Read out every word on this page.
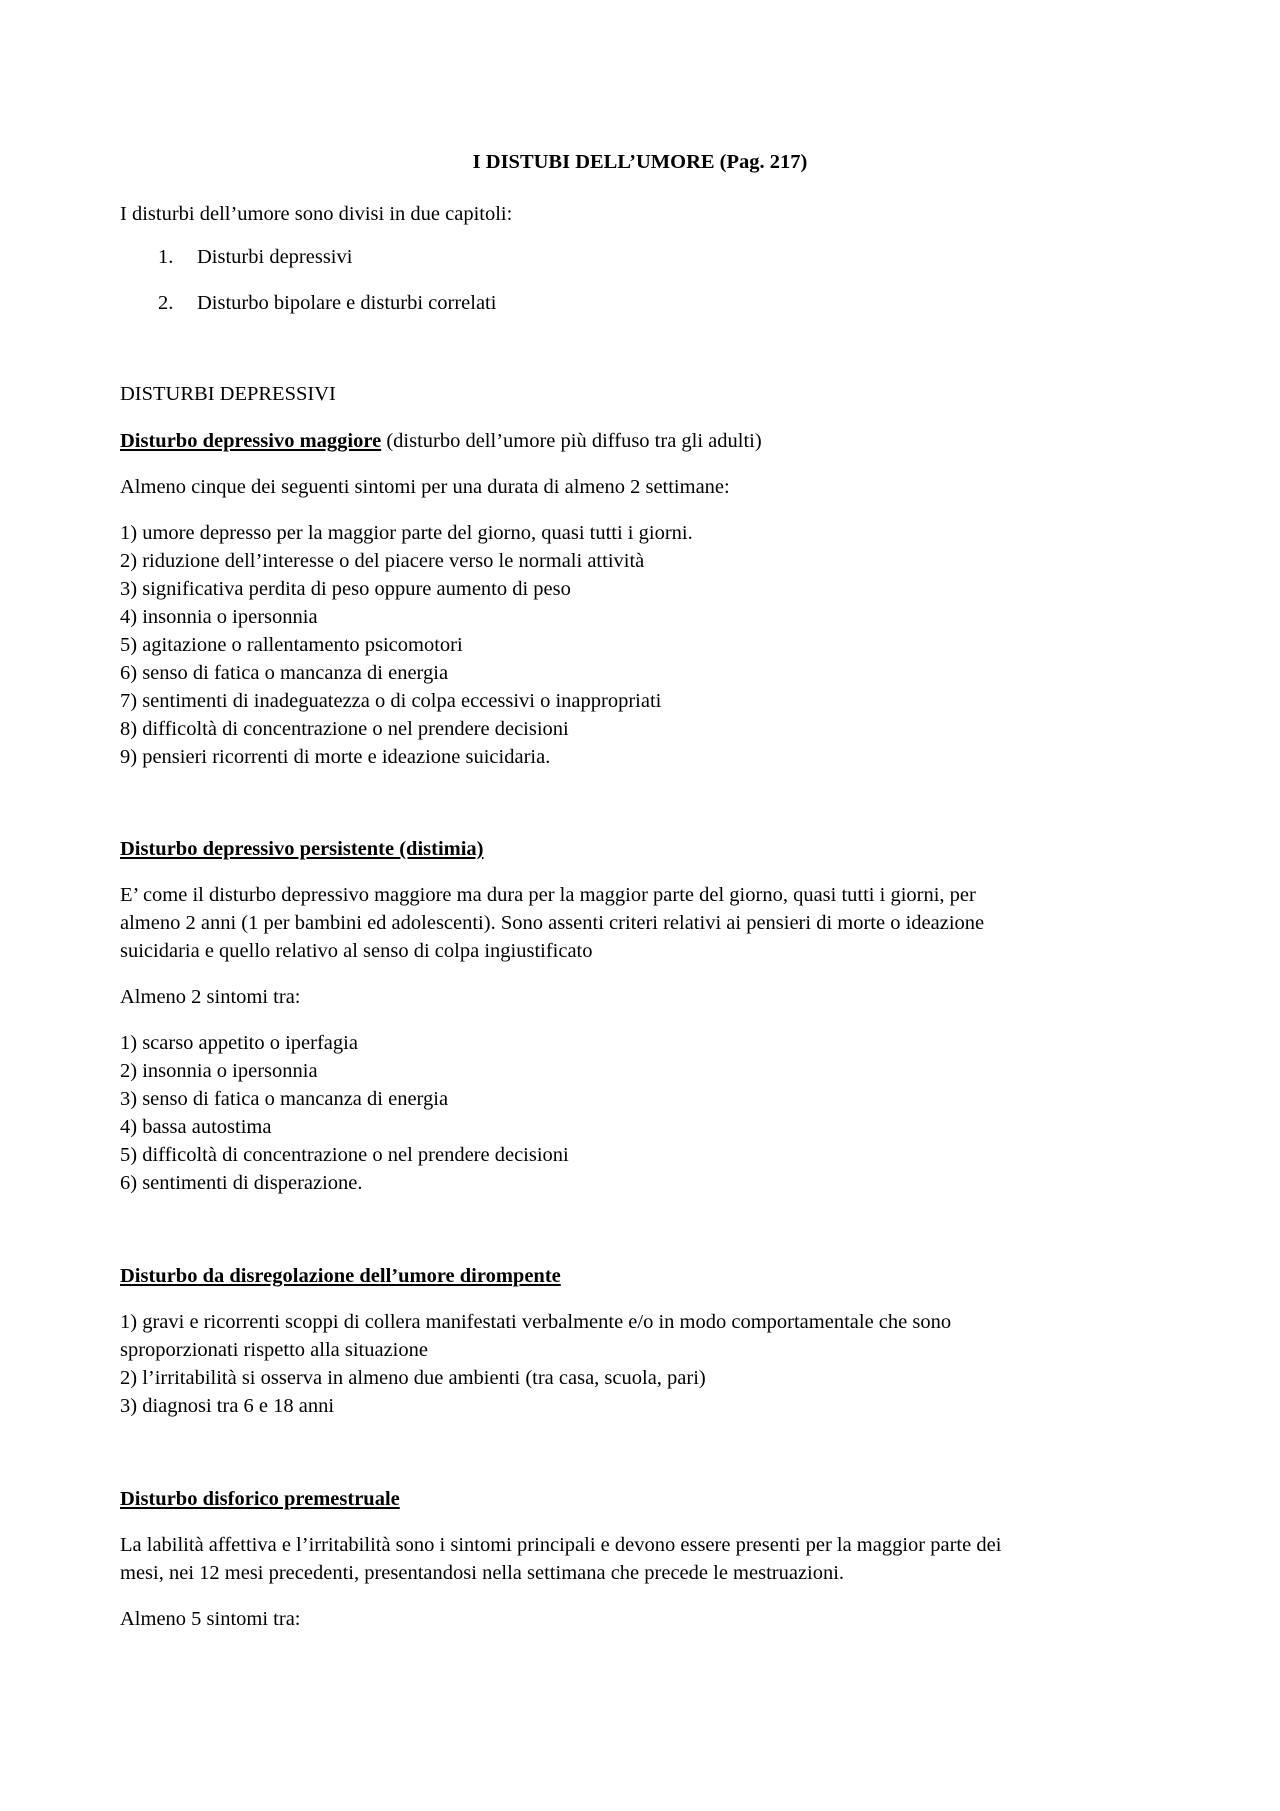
I DISTUBI DELL’UMORE (Pag. 217)
I disturbi dell’umore sono divisi in due capitoli:
1. Disturbi depressivi
2. Disturbo bipolare e disturbi correlati
DISTURBI DEPRESSIVI
Disturbo depressivo maggiore (disturbo dell’umore più diffuso tra gli adulti)
Almeno cinque dei seguenti sintomi per una durata di almeno 2 settimane:
1) umore depresso per la maggior parte del giorno, quasi tutti i giorni.
2) riduzione dell’interesse o del piacere verso le normali attività
3) significativa perdita di peso oppure aumento di peso
4) insonnia o ipersonnia
5) agitazione o rallentamento psicomotori
6) senso di fatica o mancanza di energia
7) sentimenti di inadeguatezza o di colpa eccessivi o inappropriati
8) difficoltà di concentrazione o nel prendere decisioni
9) pensieri ricorrenti di morte e ideazione suicidaria.
Disturbo depressivo persistente (distimia)
E’ come il disturbo depressivo maggiore ma dura per la maggior parte del giorno, quasi tutti i giorni, per
almeno 2 anni (1 per bambini ed adolescenti). Sono assenti criteri relativi ai pensieri di morte o ideazione
suicidaria e quello relativo al senso di colpa ingiustificato
Almeno 2 sintomi tra:
1) scarso appetito o iperfagia
2) insonnia o ipersonnia
3) senso di fatica o mancanza di energia
4) bassa autostima
5) difficoltà di concentrazione o nel prendere decisioni
6) sentimenti di disperazione.
Disturbo da disregolazione dell’umore dirompente
1) gravi e ricorrenti scoppi di collera manifestati verbalmente e/o in modo comportamentale che sono
sproporzionati rispetto alla situazione
2) l’irritabilità si osserva in almeno due ambienti (tra casa, scuola, pari)
3) diagnosi tra 6 e 18 anni
Disturbo disforico premestruale
La labilità affettiva e l’irritabilità sono i sintomi principali e devono essere presenti per la maggior parte dei
mesi, nei 12 mesi precedenti, presentandosi nella settimana che precede le mestruazioni.
Almeno 5 sintomi tra:
